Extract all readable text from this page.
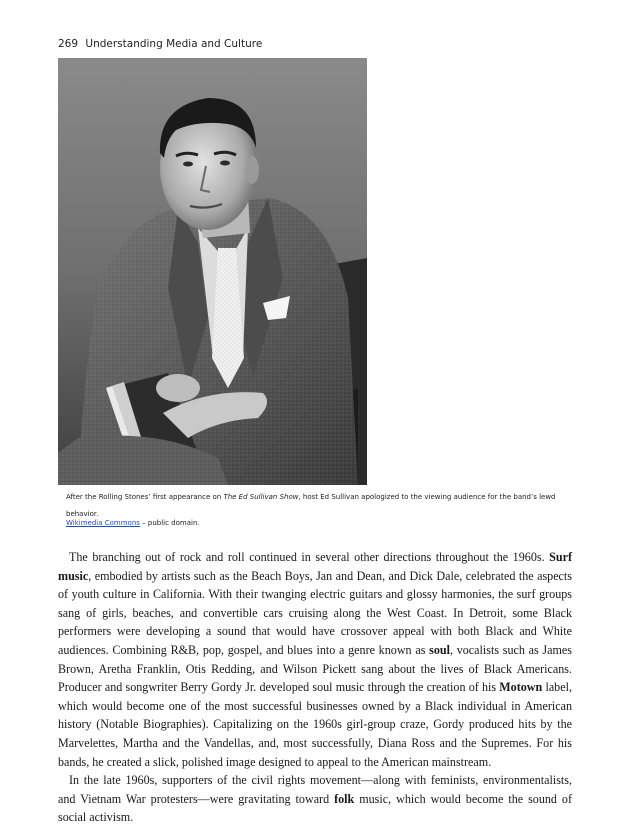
269 Understanding Media and Culture
After the Rolling Stones’ first appearance on The Ed Sullivan Show, host Ed Sullivan apologized to the viewing audience for the band’s lewd behavior.
Wikimedia Commons – public domain.

The branching out of rock and roll continued in several other directions throughout the 1960s. Surf music, embodied by artists such as the Beach Boys, Jan and Dean, and Dick Dale, celebrated the aspects of youth culture in California. With their twanging electric guitars and glossy harmonies, the surf groups sang of girls, beaches, and convertible cars cruising along the West Coast. In Detroit, some Black performers were developing a sound that would have crossover appeal with both Black and White audiences. Combining R&B, pop, gospel, and blues into a genre known as soul, vocalists such as James Brown, Aretha Franklin, Otis Redding, and Wilson Pickett sang about the lives of Black Americans. Producer and songwriter Berry Gordy Jr. developed soul music through the creation of his Motown label, which would become one of the most successful businesses owned by a Black individual in American history (Notable Biographies). Capitalizing on the 1960s girl-group craze, Gordy produced hits by the Marvelettes, Martha and the Vandellas, and, most successfully, Diana Ross and the Supremes. For his bands, he created a slick, polished image designed to appeal to the American mainstream.

In the late 1960s, supporters of the civil rights movement—along with feminists, environmentalists, and Vietnam War protesters—were gravitating toward folk music, which would become the sound of social activism.
